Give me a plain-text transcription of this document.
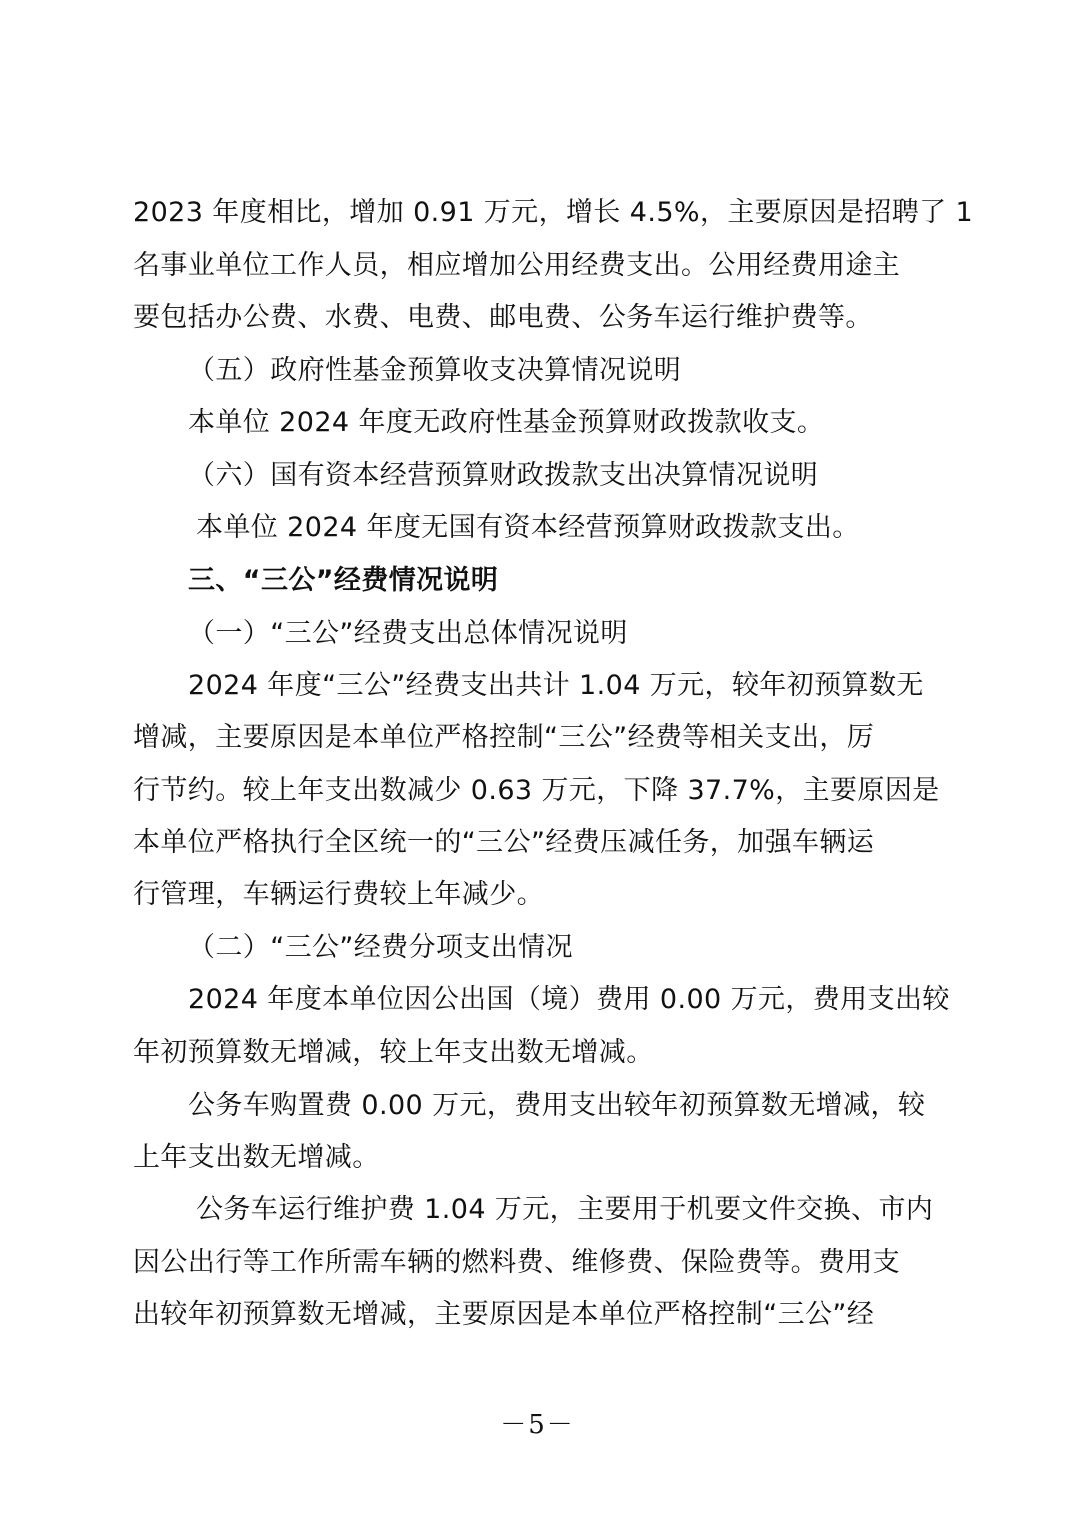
2023 年度相比，增加 0.91 万元，增长 4.5%，主要原因是招聘了 1
名事业单位工作人员，相应增加公用经费支出。公用经费用途主
要包括办公费、水费、电费、邮电费、公务车运行维护费等。
（五）政府性基金预算收支决算情况说明
本单位 2024 年度无政府性基金预算财政拨款收支。
（六）国有资本经营预算财政拨款支出决算情况说明
本单位 2024 年度无国有资本经营预算财政拨款支出。
三、“三公”经费情况说明
（一）“三公”经费支出总体情况说明
2024 年度“三公”经费支出共计 1.04 万元，较年初预算数无
增减，主要原因是本单位严格控制“三公”经费等相关支出，厉
行节约。较上年支出数减少 0.63 万元，下降 37.7%，主要原因是
本单位严格执行全区统一的“三公”经费压减任务，加强车辆运
行管理，车辆运行费较上年减少。
（二）“三公”经费分项支出情况
2024 年度本单位因公出国（境）费用 0.00 万元，费用支出较
年初预算数无增减，较上年支出数无增减。
公务车购置费 0.00 万元，费用支出较年初预算数无增减，较
上年支出数无增减。
公务车运行维护费 1.04 万元，主要用于机要文件交换、市内
因公出行等工作所需车辆的燃料费、维修费、保险费等。费用支
出较年初预算数无增减，主要原因是本单位严格控制“三公”经
－5－
